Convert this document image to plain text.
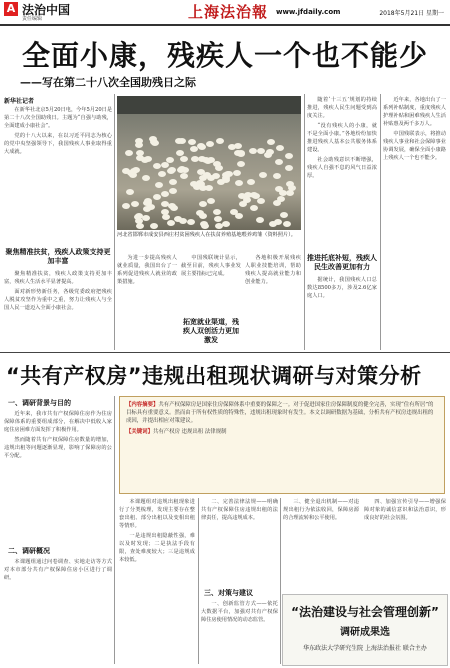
A 法治中国
责任编辑	上海法治報 www.jfdaily.com	2018年5月21日 星期一
全面小康，残疾人一个也不能少
——写在第二十八次全国助残日之际
新华社记者

在新华社北京5月20日电，今年5月20日是第二十八次全国助残日。主题为“自强与助残，全面建成小康社会”。

党的十八大以来，在以习近平同志为核心的党中央坚强领导下，我国残疾人事业取得重大成就。

聚焦精准扶贫，残疾人政策支持更加丰富

聚焦精准扶贫，残疾人政策支持更加丰富，残疾人生活水平显著提高。

面对新形势新任务，各级党委政府把残疾人脱贫攻坚作为重中之重，努力让残疾人与全国人民一道迈入全面小康社会。

河北省邯郸市成安县西庄村贫困残疾人在扶贫养殖基地喂养鸡雏（资料照片）。

为进一步提高残疾人就业质量，我国出台了一系列促进残疾人就业的政策措施。

中国残联统计显示，截至目前，残疾人事业发展主要指标已完成。

拓宽就业渠道，残疾人双创活力更加激发

各地积极开展残疾人职业技能培训，帮助残疾人提高就业能力和创业能力。

随着‘十三五’规划的持续推进，残疾人民生问题受到高度关注。

“没有残疾人的小康，就不是全面小康。”各地纷纷加快推进残疾人基本公共服务体系建设。

社会助残意识不断增强，残疾人自强不息的风气日益浓厚。

推进托底补短，残疾人民生改善更加有力

据统计，我国残疾人口总数达8500多万，涉及2.6亿家庭人口。

近年来，各地出台了一系列补贴制度，重度残疾人护理补贴和困难残疾人生活补贴惠及两千多万人。

中国残联表示，将推动残疾人事业和社会保障事业协调发展，确保全面小康路上残疾人一个也不能少。

“共有产权房”违规出租现状调研与对策分析
一、调研背景与目的

近年来，我市共有产权保障住房作为住房保障体系的重要组成部分，在解决中低收入家庭住房困难方面发挥了积极作用。

然而随着共有产权保障住房数量的增加，违规出租等问题逐渐显现，影响了保障房的公平分配。

二、调研概况

本课题组通过问卷调查、实地走访等方式对本市部分共有产权保障住房小区进行了调研。

【内容摘要】共有产权保障房是国家住房保障体系中重要的保障之一。对于促进国家住房保障制度的健全完善，实现“住有所居”的目标具有重要意义。然而由于所有权性质的特殊性，违规出租现象时有发生。本文以调研数据为基础，分析共有产权房违规出租的成因，并提出相应对策建议。
【关键词】共有产权房 违规出租 法律规制

本课题组对违规出租现象进行了分类梳理，发现主要存在整套出租、部分出租以及变相出租等情形。

一是违规出租隐蔽性强，难以及时发现；二是执法手段有限，查处难度较大；三是违规成本较低。

三、对策与建议

一、创新监管方式——依托大数据平台，加强对共有产权保障住房使用情况的动态监管。

二、完善法律法规——明确共有产权保障住房违规出租的法律责任，提高违规成本。

三、健全退出机制——对违规出租行为依法收回，保障房源的合理流转和公平使用。

四、加强宣传引导——增强保障对象的诚信意识和法治意识，形成良好的社会氛围。

“法治建设与社会管理创新”
调研成果选
华东政法大学研究生院 上海法治报社 联合主办
